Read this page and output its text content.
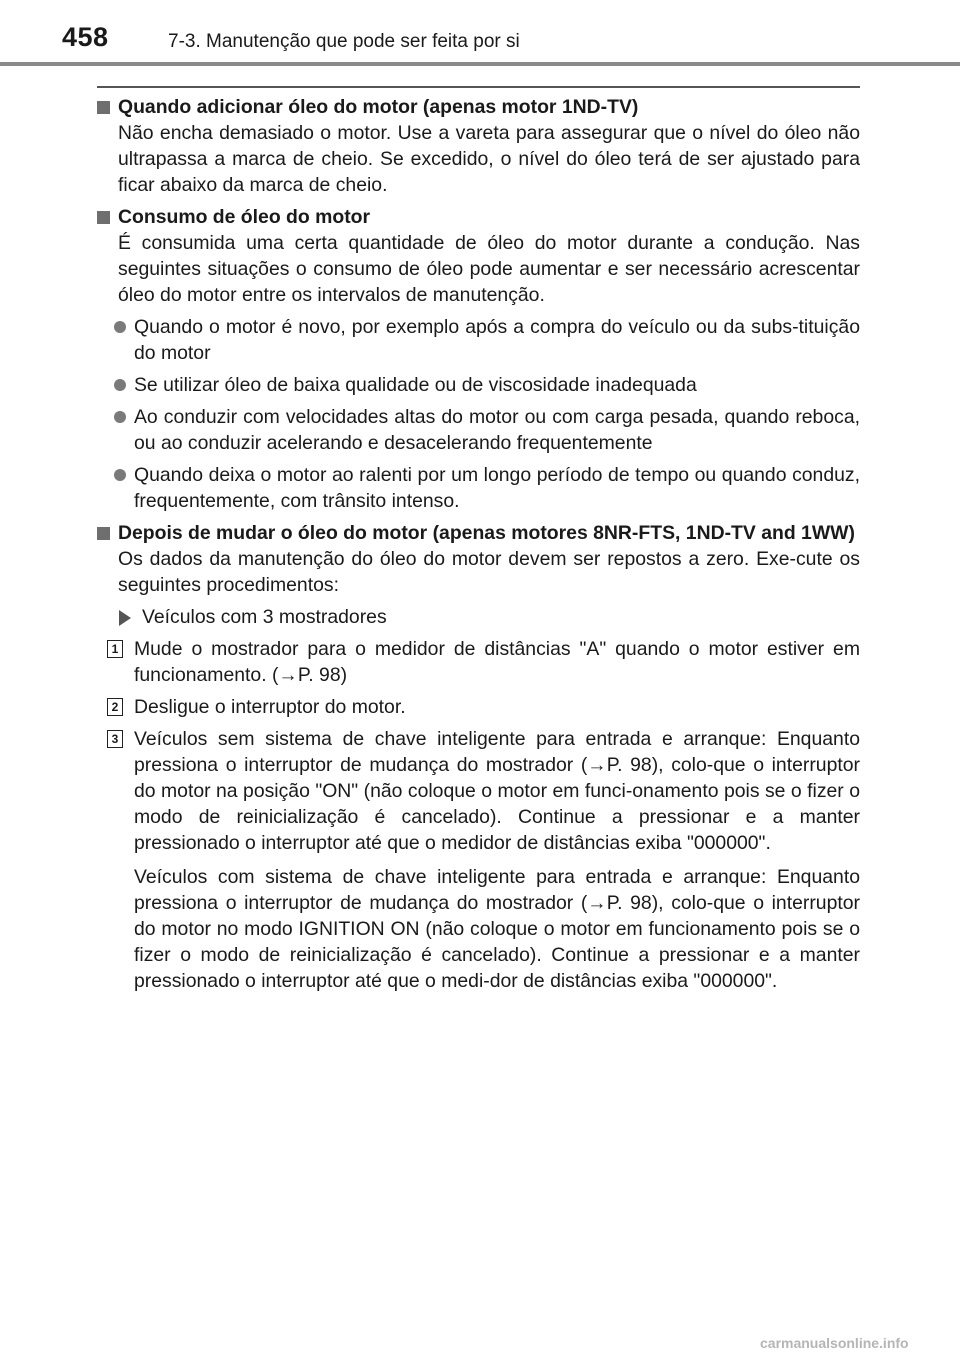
458	7-3. Manutenção que pode ser feita por si
Quando adicionar óleo do motor (apenas motor 1ND-TV)
Não encha demasiado o motor. Use a vareta para assegurar que o nível do óleo não ultrapassa a marca de cheio. Se excedido, o nível do óleo terá de ser ajustado para ficar abaixo da marca de cheio.
Consumo de óleo do motor
É consumida uma certa quantidade de óleo do motor durante a condução. Nas seguintes situações o consumo de óleo pode aumentar e ser necessário acrescentar óleo do motor entre os intervalos de manutenção.
Quando o motor é novo, por exemplo após a compra do veículo ou da subs-tituição do motor
Se utilizar óleo de baixa qualidade ou de viscosidade inadequada
Ao conduzir com velocidades altas do motor ou com carga pesada, quando reboca, ou ao conduzir acelerando e desacelerando frequentemente
Quando deixa o motor ao ralenti por um longo período de tempo ou quando conduz, frequentemente, com trânsito intenso.
Depois de mudar o óleo do motor (apenas motores 8NR-FTS, 1ND-TV and 1WW)
Os dados da manutenção do óleo do motor devem ser repostos a zero. Exe-cute os seguintes procedimentos:
Veículos com 3 mostradores
1 Mude o mostrador para o medidor de distâncias "A" quando o motor estiver em funcionamento. (→P. 98)
2 Desligue o interruptor do motor.
3 Veículos sem sistema de chave inteligente para entrada e arranque: Enquanto pressiona o interruptor de mudança do mostrador (→P. 98), colo-que o interruptor do motor na posição "ON" (não coloque o motor em funci-onamento pois se o fizer o modo de reinicialização é cancelado). Continue a pressionar e a manter pressionado o interruptor até que o medidor de distâncias exiba "000000".
Veículos com sistema de chave inteligente para entrada e arranque: Enquanto pressiona o interruptor de mudança do mostrador (→P. 98), colo-que o interruptor do motor no modo IGNITION ON (não coloque o motor em funcionamento pois se o fizer o modo de reinicialização é cancelado). Continue a pressionar e a manter pressionado o interruptor até que o medi-dor de distâncias exiba "000000".
carmanualsonline.info
